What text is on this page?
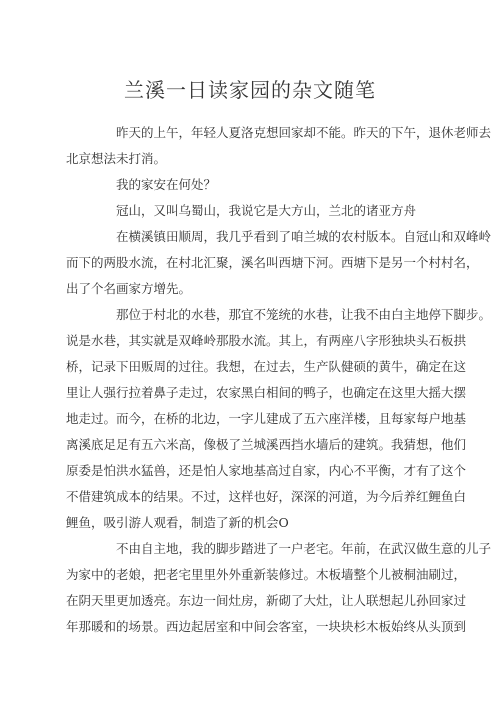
兰溪一日读家园的杂文随笔

昨天的上午，年轻人夏洛克想回家却不能。昨天的下午，退休老师去
北京想法未打消。

我的家安在何处？

冠山，又叫乌蜀山，我说它是大方山，兰北的诸亚方舟

在横溪镇田顺周，我几乎看到了咱兰城的农村版本。自冠山和双峰岭
而下的两股水流，在村北汇聚，溪名叫西塘下河。西塘下是另一个村村名，
出了个名画家方增先。

那位于村北的水巷，那宜不笼统的水巷，让我不由白主地停下脚步。
说是水巷，其实就是双峰岭那股水流。其上，有两座八字形独块头石板拱
桥，记录下田贩周的过往。我想，在过去，生产队健硕的黄牛，确定在这
里让人强行拉着鼻子走过，农家黑白相间的鸭子，也确定在这里大摇大摆
地走过。而今，在桥的北边，一字儿建成了五六座洋楼，且每家每户地基
离溪底足足有五六米高，像极了兰城溪西挡水墙后的建筑。我猜想，他们
原委是怕洪水猛兽，还是怕人家地基高过自家，内心不平衡，才有了这个
不借建筑成本的结果。不过，这样也好，深深的河道，为今后养红鲤鱼白
鲤鱼，吸引游人观看，制造了新的机会O

不由自主地，我的脚步踏进了一户老宅。年前，在武汉做生意的儿子
为家中的老娘，把老宅里里外外重新装修过。木板墙整个儿被桐油刷过，
在阴天里更加透亮。东边一间灶房，新砌了大灶，让人联想起儿孙回家过
年那暖和的场景。西边起居室和中间会客室，一块块杉木板始终从头顶到
